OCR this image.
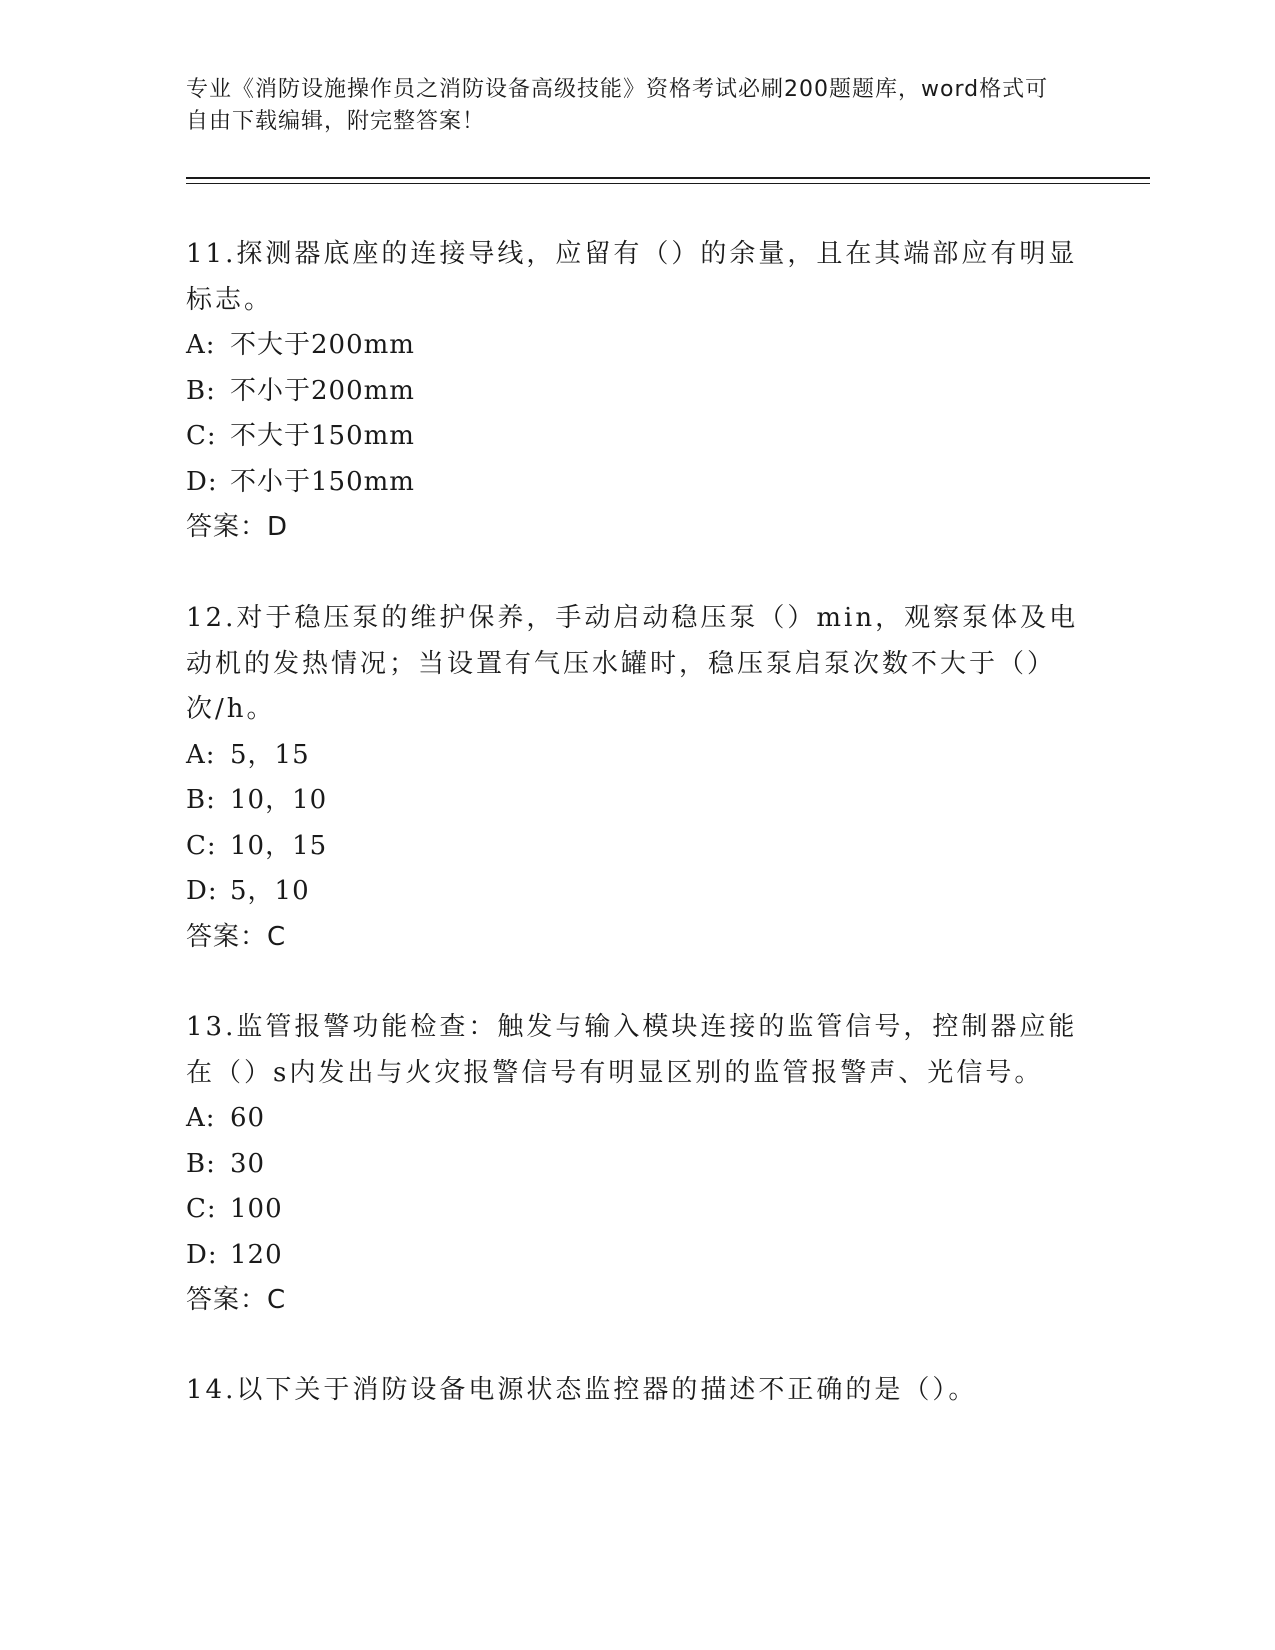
专业《消防设施操作员之消防设备高级技能》资格考试必刷200题题库，word格式可自由下载编辑，附完整答案！

11.探测器底座的连接导线，应留有（）的余量，且在其端部应有明显标志。

A: 不大于200mm

B: 不小于200mm

C: 不大于150mm

D: 不小于150mm

答案：D

12.对于稳压泵的维护保养，手动启动稳压泵（）min，观察泵体及电动机的发热情况；当设置有气压水罐时，稳压泵启泵次数不大于（）次/h。

A: 5，15

B: 10，10

C: 10，15

D: 5，10

答案：C

13.监管报警功能检查：触发与输入模块连接的监管信号，控制器应能在（）s内发出与火灾报警信号有明显区别的监管报警声、光信号。

A: 60

B: 30

C: 100

D: 120

答案：C

14.以下关于消防设备电源状态监控器的描述不正确的是（）。
